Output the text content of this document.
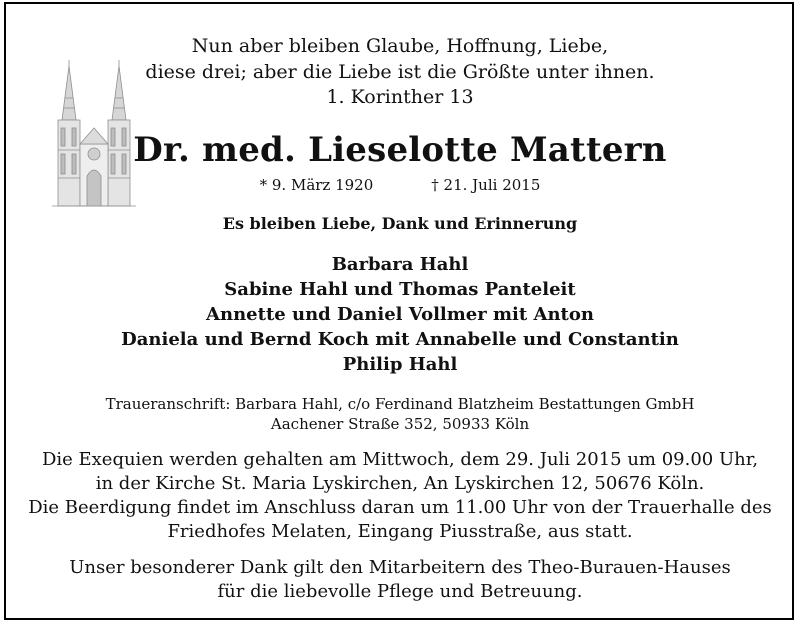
Nun aber bleiben Glaube, Hoffnung, Liebe,
diese drei; aber die Liebe ist die Größte unter ihnen.
1. Korinther 13
Dr. med. Lieselotte Mattern
* 9. März 1920	† 21. Juli 2015
Es bleiben Liebe, Dank und Erinnerung
Barbara Hahl
Sabine Hahl und Thomas Panteleit
Annette und Daniel Vollmer mit Anton
Daniela und Bernd Koch mit Annabelle und Constantin
Philip Hahl
Traueranschrift: Barbara Hahl, c/o Ferdinand Blatzheim Bestattungen GmbH
Aachener Straße 352, 50933 Köln
Die Exequien werden gehalten am Mittwoch, dem 29. Juli 2015 um 09.00 Uhr,
in der Kirche St. Maria Lyskirchen, An Lyskirchen 12, 50676 Köln.
Die Beerdigung findet im Anschluss daran um 11.00 Uhr von der Trauerhalle des
Friedhofes Melaten, Eingang Piusstraße, aus statt.
Unser besonderer Dank gilt den Mitarbeitern des Theo-Burauen-Hauses
für die liebevolle Pflege und Betreuung.
